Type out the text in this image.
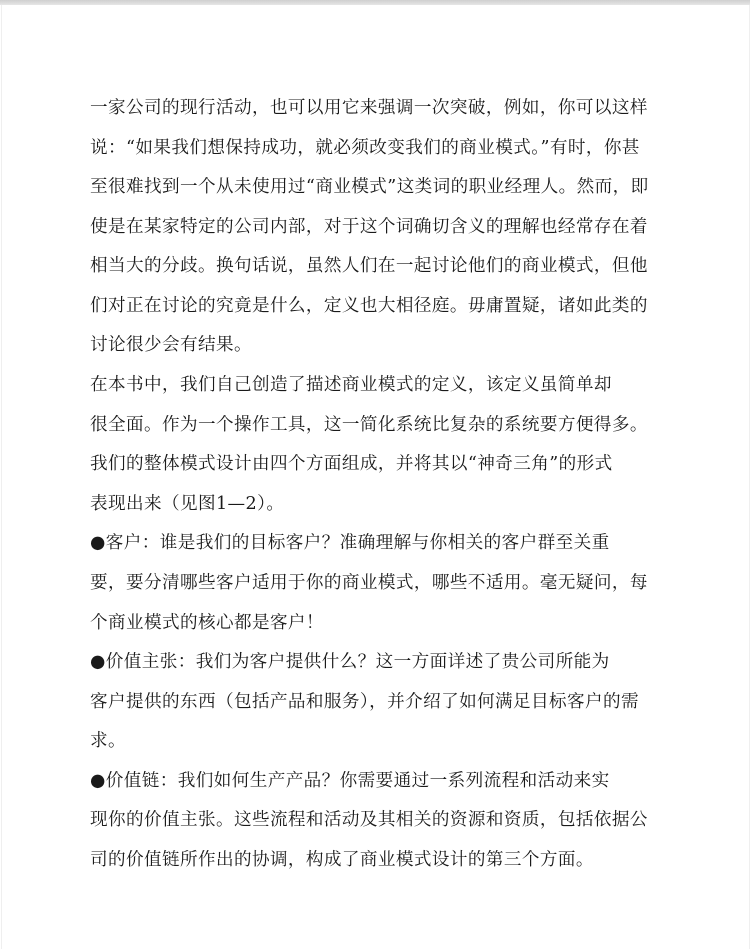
一家公司的现行活动，也可以用它来强调一次突破，例如，你可以这样
说：“如果我们想保持成功，就必须改变我们的商业模式。”有时，你甚
至很难找到一个从未使用过“商业模式”这类词的职业经理人。然而，即
使是在某家特定的公司内部，对于这个词确切含义的理解也经常存在着
相当大的分歧。换句话说，虽然人们在一起讨论他们的商业模式，但他
们对正在讨论的究竟是什么，定义也大相径庭。毋庸置疑，诸如此类的
讨论很少会有结果。
在本书中，我们自己创造了描述商业模式的定义，该定义虽简单却
很全面。作为一个操作工具，这一简化系统比复杂的系统要方便得多。
我们的整体模式设计由四个方面组成，并将其以“神奇三角”的形式
表现出来（见图1—2）。
●客户：谁是我们的目标客户？准确理解与你相关的客户群至关重
要，要分清哪些客户适用于你的商业模式，哪些不适用。毫无疑问，每
个商业模式的核心都是客户！
●价值主张：我们为客户提供什么？这一方面详述了贵公司所能为
客户提供的东西（包括产品和服务），并介绍了如何满足目标客户的需
求。
●价值链：我们如何生产产品？你需要通过一系列流程和活动来实
现你的价值主张。这些流程和活动及其相关的资源和资质，包括依据公
司的价值链所作出的协调，构成了商业模式设计的第三个方面。
